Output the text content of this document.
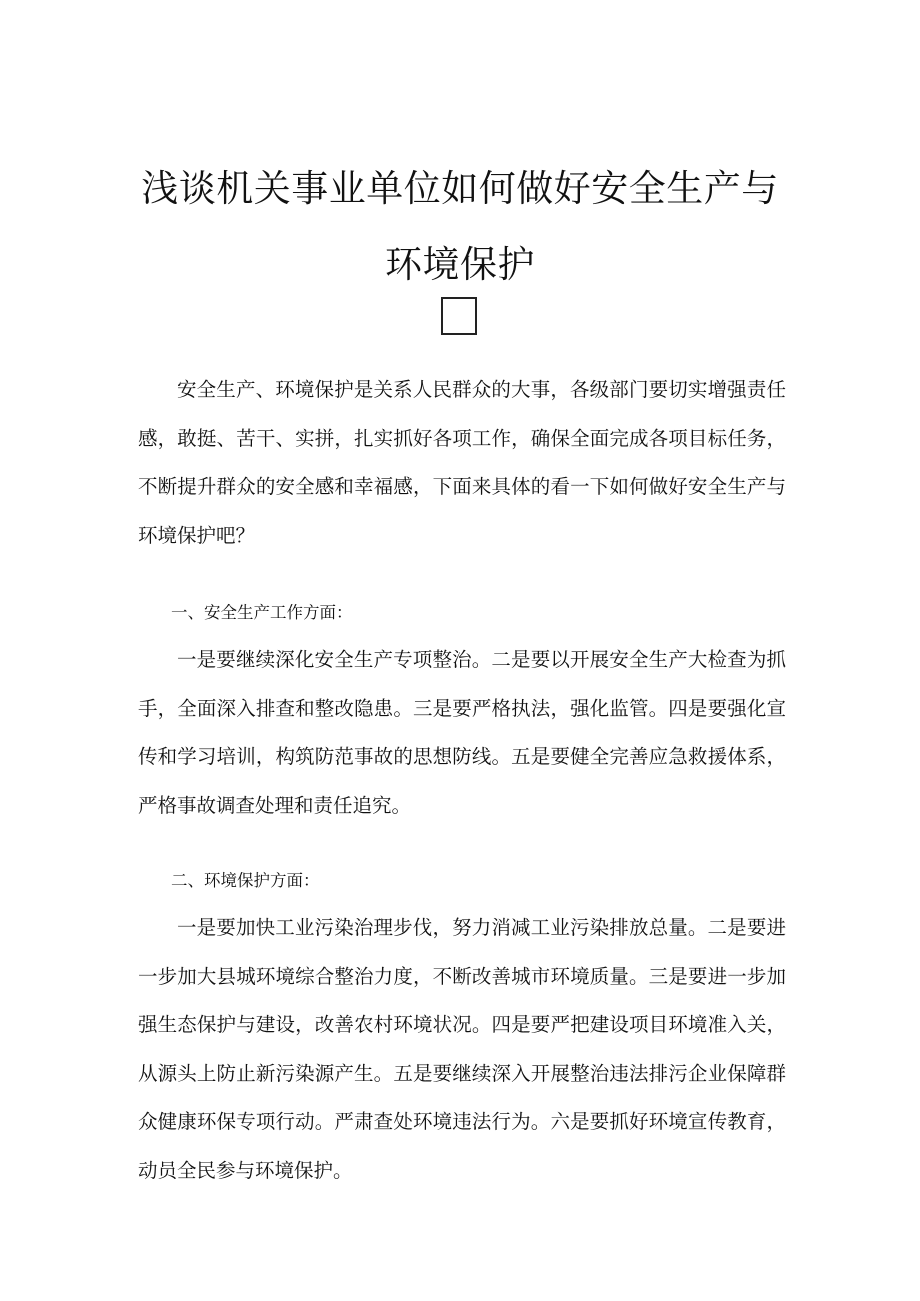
浅谈机关事业单位如何做好安全生产与
环境保护

安全生产、环境保护是关系人民群众的大事，各级部门要切实增强责任感，敢挺、苦干、实拼，扎实抓好各项工作，确保全面完成各项目标任务，不断提升群众的安全感和幸福感，下面来具体的看一下如何做好安全生产与环境保护吧？

一、安全生产工作方面：

一是要继续深化安全生产专项整治。二是要以开展安全生产大检查为抓手，全面深入排查和整改隐患。三是要严格执法，强化监管。四是要强化宣传和学习培训，构筑防范事故的思想防线。五是要健全完善应急救援体系，严格事故调查处理和责任追究。

二、环境保护方面：

一是要加快工业污染治理步伐，努力消减工业污染排放总量。二是要进一步加大县城环境综合整治力度，不断改善城市环境质量。三是要进一步加强生态保护与建设，改善农村环境状况。四是要严把建设项目环境准入关，从源头上防止新污染源产生。五是要继续深入开展整治违法排污企业保障群众健康环保专项行动。严肃查处环境违法行为。六是要抓好环境宣传教育，动员全民参与环境保护。
